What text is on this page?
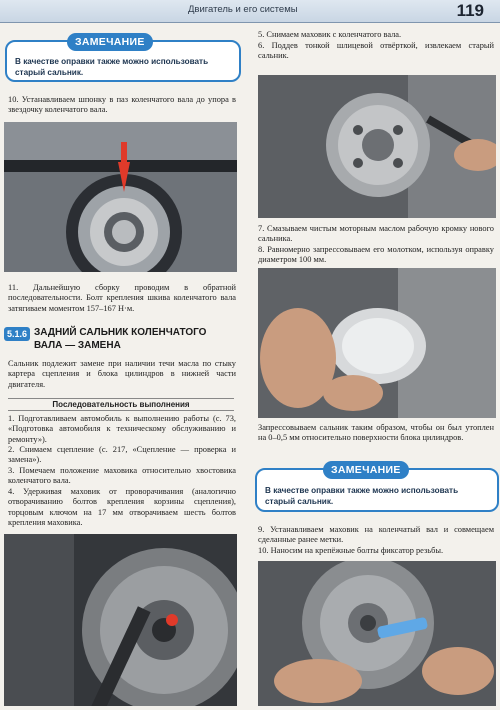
Двигатель и его системы	119
ЗАМЕЧАНИЕ
В качестве оправки также можно использовать старый сальник.
10. Устанавливаем шпонку в паз коленчатого вала до упора в звездочку коленчатого вала.
11. Дальнейшую сборку проводим в обратной последовательности. Болт крепления шкива коленчатого вала затягиваем моментом 157–167 Н·м.
5.1.6 ЗАДНИЙ САЛЬНИК КОЛЕНЧАТОГО ВАЛА — ЗАМЕНА
Сальник подлежит замене при наличии течи масла по стыку картера сцепления и блока цилиндров в нижней части двигателя.
Последовательность выполнения
1. Подготавливаем автомобиль к выполнению работы (с. 73, «Подготовка автомобиля к техническому обслуживанию и ремонту»).
2. Снимаем сцепление (с. 217, «Сцепление — проверка и замена»).
3. Помечаем положение маховика относительно хвостовика коленчатого вала.
4. Удерживая маховик от проворачивания (аналогично отворачиванию болтов крепления корзины сцепления), торцовым ключом на 17 мм отворачиваем шесть болтов крепления маховика.
5. Снимаем маховик с коленчатого вала.
6. Поддев тонкой шлицевой отвёрткой, извлекаем старый сальник.
7. Смазываем чистым моторным маслом рабочую кромку нового сальника.
8. Равномерно запрессовываем его молотком, используя оправку диаметром 100 мм.
Запрессовываем сальник таким образом, чтобы он был утоплен на 0–0,5 мм относительно поверхности блока цилиндров.
ЗАМЕЧАНИЕ
В качестве оправки также можно использовать старый сальник.
9. Устанавливаем маховик на коленчатый вал и совмещаем сделанные ранее метки.
10. Наносим на крепёжные болты фиксатор резьбы.
